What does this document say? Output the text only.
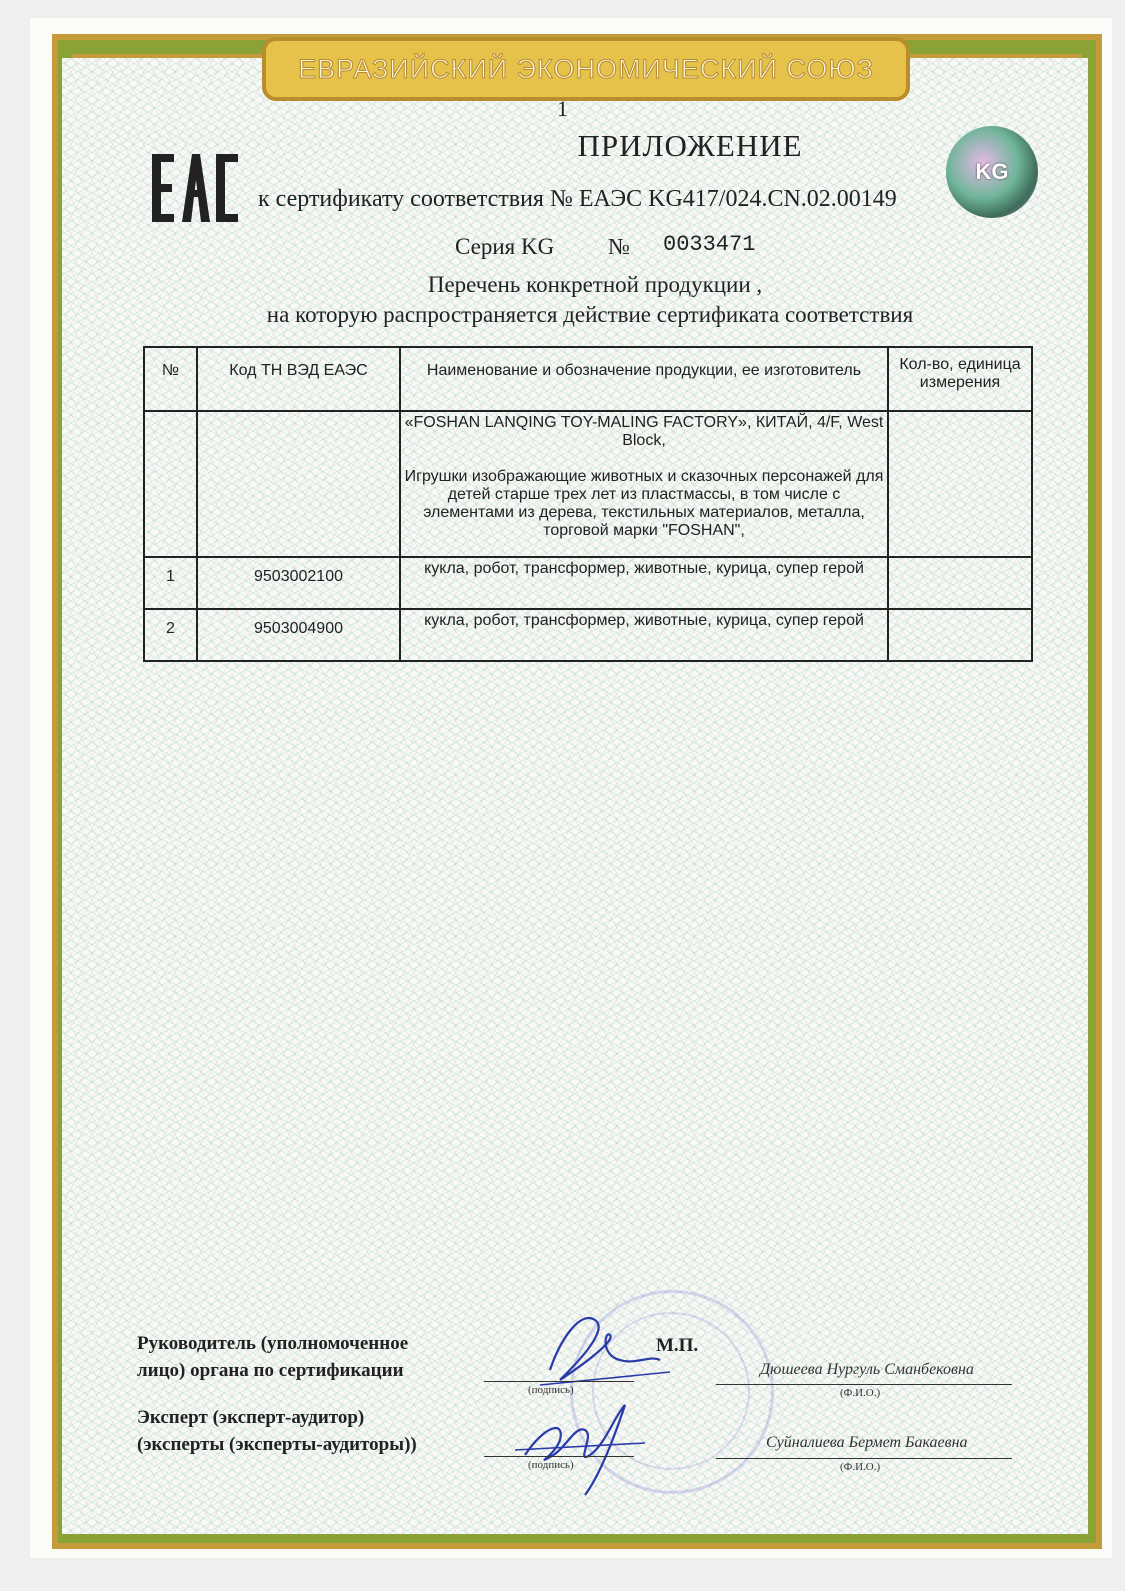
ЕВРАЗИЙСКИЙ ЭКОНОМИЧЕСКИЙ СОЮЗ
1
ПРИЛОЖЕНИЕ
KG
к сертификату соответствия № ЕАЭС KG417/024.CN.02.00149
Серия KG № 0033471
Перечень конкретной продукции ,
на которую распространяется действие сертификата соответствия
№	Код ТН ВЭД ЕАЭС	Наименование и обозначение продукции, ее изготовитель	Кол-во, единица измерения

		«FOSHAN LANQING TOY-MALING FACTORY», КИТАЙ, 4/F, West Block,
Игрушки изображающие животных и сказочных персонажей для детей старше трех лет из пластмассы, в том числе с элементами из дерева, текстильных материалов, металла, торговой марки "FOSHAN",	

1	9503002100	кукла, робот, трансформер, животные, курица, супер герой	
2	9503004900	кукла, робот, трансформер, животные, курица, супер герой	
Руководитель (уполномоченное
лицо) органа по сертификации
М.П.
(подпись)
Дюшеева Нургуль Сманбековна
(Ф.И.О.)
Эксперт (эксперт-аудитор)
(эксперты (эксперты-аудиторы))
(подпись)
Суйналиева Бермет Бакаевна
(Ф.И.О.)
